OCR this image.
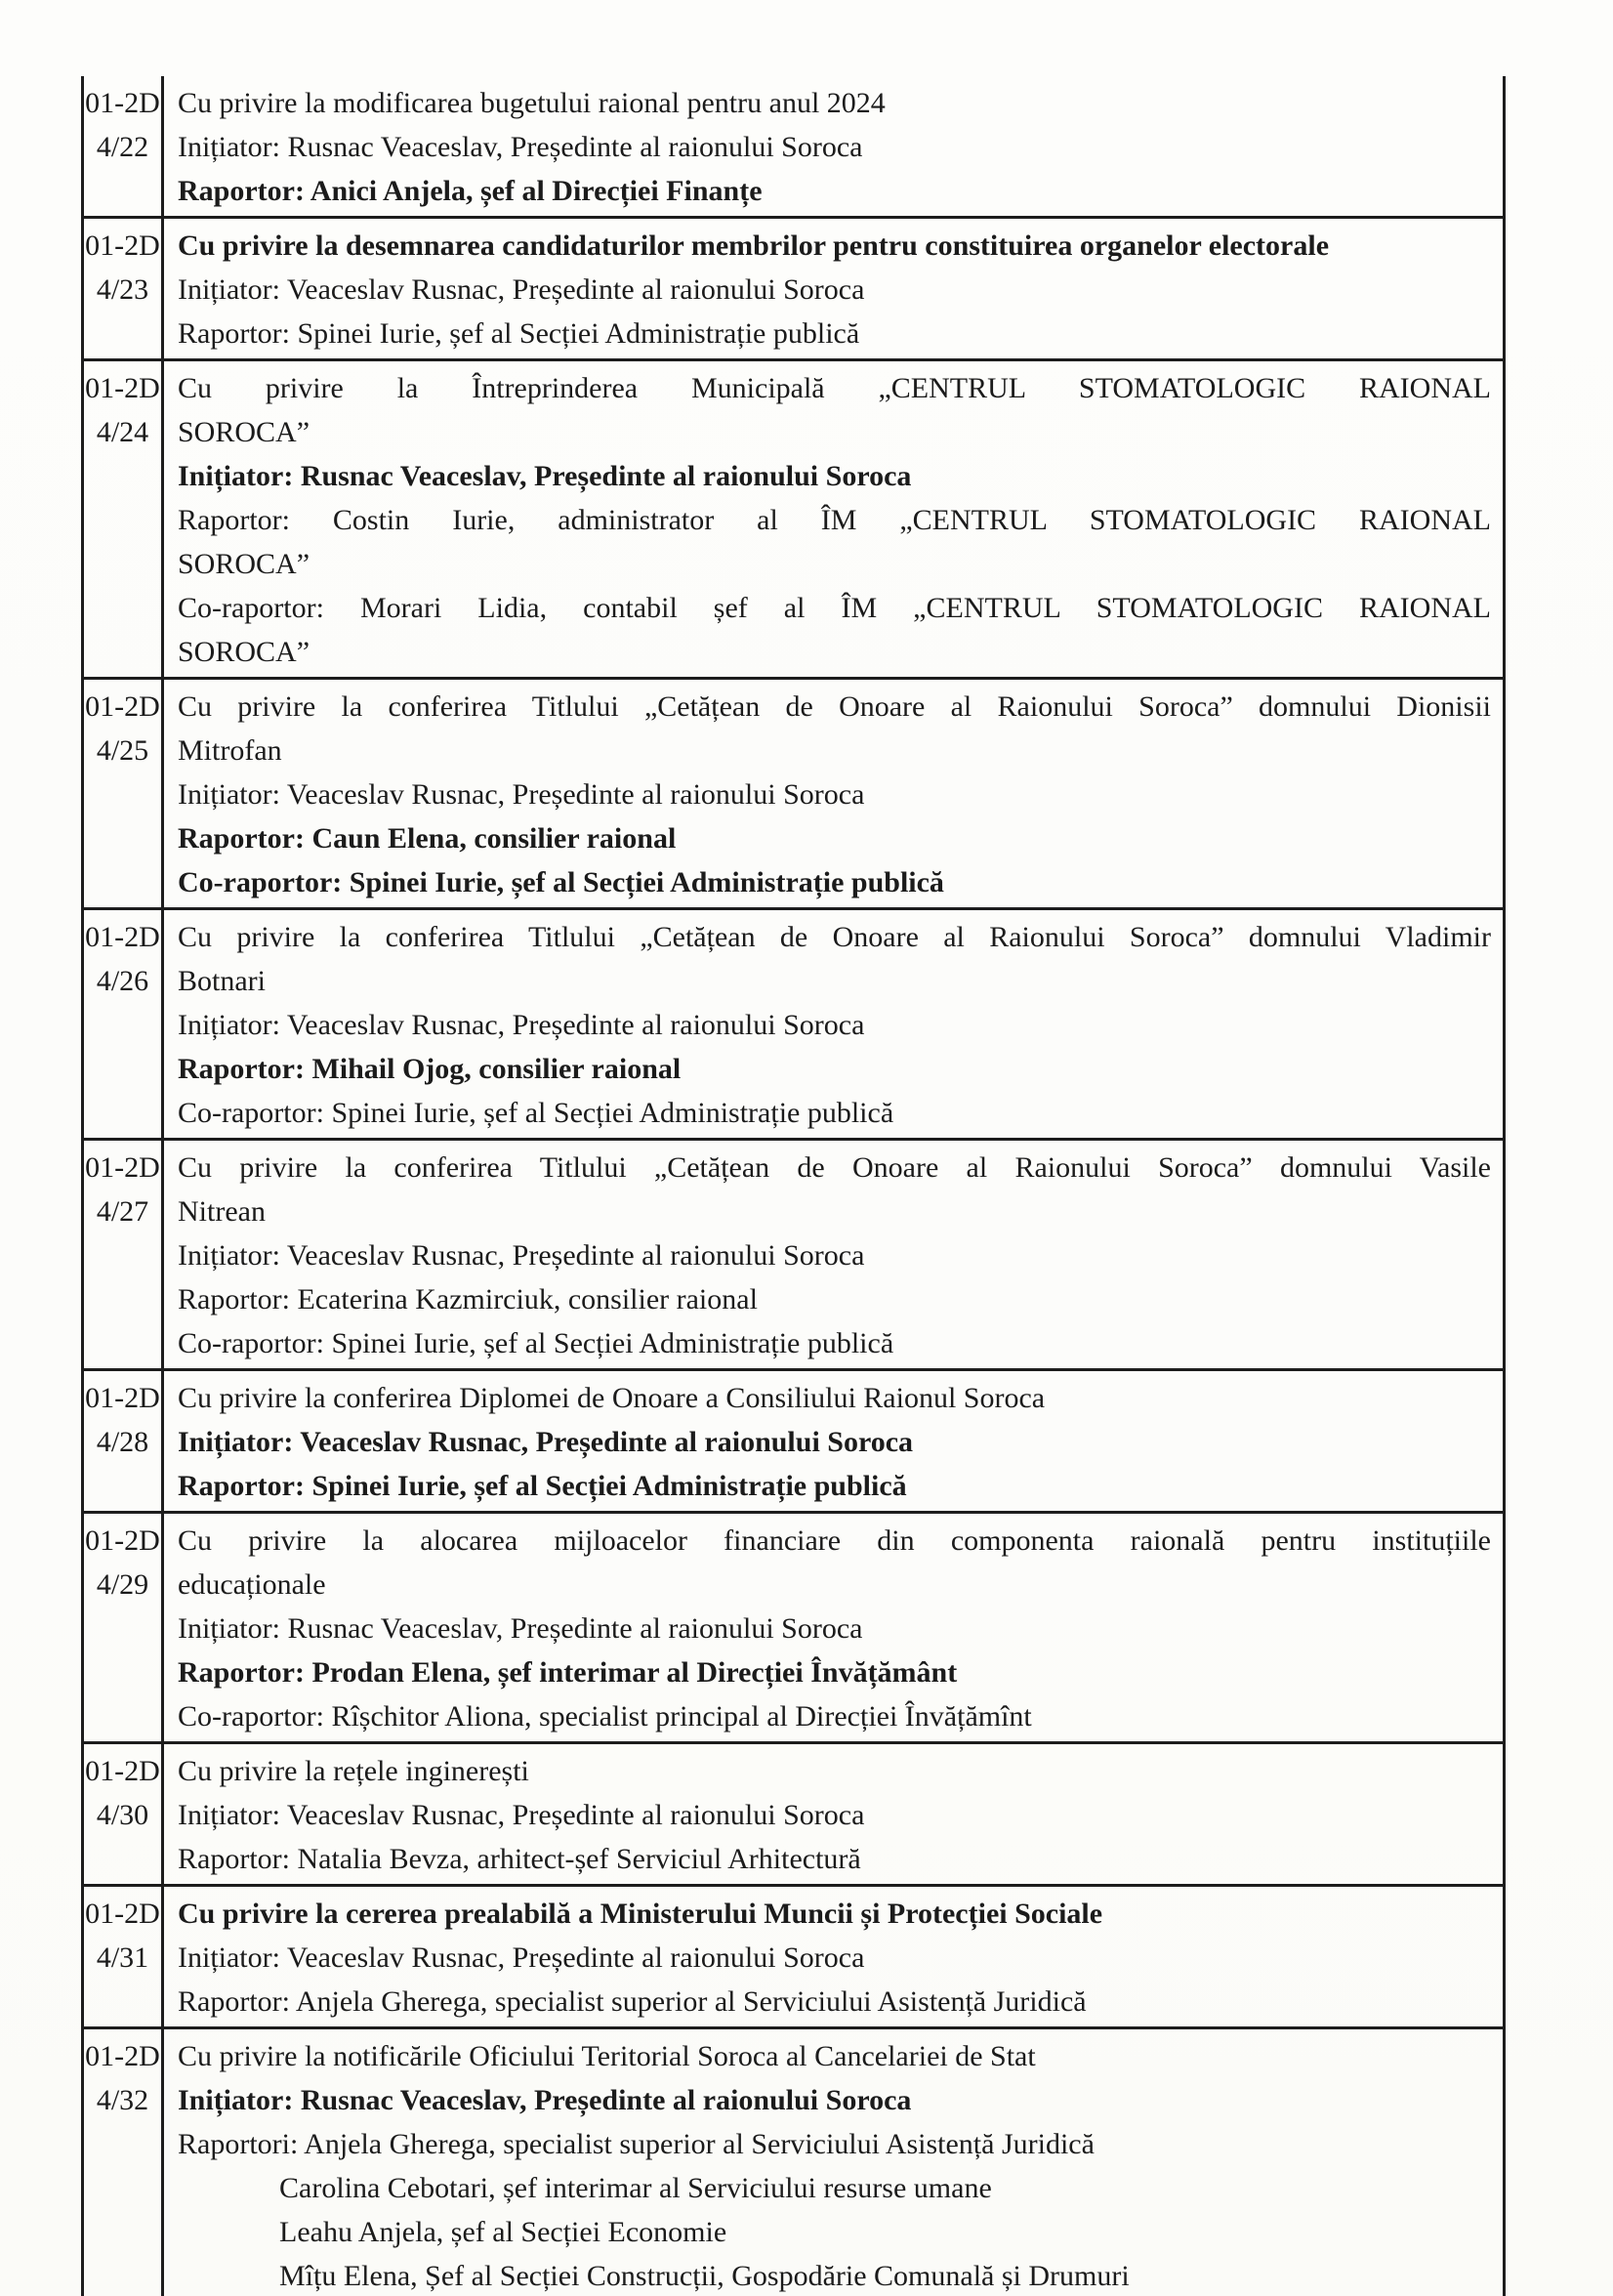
01-2D
4/22
Cu privire la modificarea bugetului raional pentru anul 2024
Inițiator: Rusnac Veaceslav, Președinte al raionului Soroca
Raportor: Anici Anjela, șef al Direcției Finanțe
01-2D
4/23
Cu privire la desemnarea candidaturilor membrilor pentru constituirea organelor electorale
Inițiator: Veaceslav Rusnac, Președinte al raionului Soroca
Raportor: Spinei Iurie, șef al Secției Administrație publică
01-2D
4/24
Cu privire la Întreprinderea Municipală „CENTRUL STOMATOLOGIC RAIONAL
SOROCA”
Inițiator: Rusnac Veaceslav, Președinte al raionului Soroca
Raportor: Costin Iurie, administrator al ÎM „CENTRUL STOMATOLOGIC RAIONAL
SOROCA”
Co-raportor: Morari Lidia, contabil șef al ÎM „CENTRUL STOMATOLOGIC RAIONAL
SOROCA”
01-2D
4/25
Cu privire la conferirea Titlului „Cetățean de Onoare al Raionului Soroca” domnului Dionisii
Mitrofan
Inițiator: Veaceslav Rusnac, Președinte al raionului Soroca
Raportor: Caun Elena, consilier raional
Co-raportor: Spinei Iurie, șef al Secției Administrație publică
01-2D
4/26
Cu privire la conferirea Titlului „Cetățean de Onoare al Raionului Soroca” domnului Vladimir
Botnari
Inițiator: Veaceslav Rusnac, Președinte al raionului Soroca
Raportor: Mihail Ojog, consilier raional
Co-raportor: Spinei Iurie, șef al Secției Administrație publică
01-2D
4/27
Cu privire la conferirea Titlului „Cetățean de Onoare al Raionului Soroca” domnului Vasile
Nitrean
Inițiator: Veaceslav Rusnac, Președinte al raionului Soroca
Raportor: Ecaterina Kazmirciuk, consilier raional
Co-raportor: Spinei Iurie, șef al Secției Administrație publică
01-2D
4/28
Cu privire la conferirea Diplomei de Onoare a Consiliului Raionul Soroca
Inițiator: Veaceslav Rusnac, Președinte al raionului Soroca
Raportor: Spinei Iurie, șef al Secției Administrație publică
01-2D
4/29
Cu privire la alocarea mijloacelor financiare din componenta raională pentru instituțiile
educaționale
Inițiator: Rusnac Veaceslav, Președinte al raionului Soroca
Raportor: Prodan Elena, șef interimar al Direcției Învățământ
Co-raportor: Rîșchitor Aliona, specialist principal al Direcției Învățămînt
01-2D
4/30
Cu privire la rețele inginerești
Inițiator: Veaceslav Rusnac, Președinte al raionului Soroca
Raportor: Natalia Bevza, arhitect-șef Serviciul Arhitectură
01-2D
4/31
Cu privire la cererea prealabilă a Ministerului Muncii și Protecției Sociale
Inițiator: Veaceslav Rusnac, Președinte al raionului Soroca
Raportor: Anjela Gherega, specialist superior al Serviciului Asistență Juridică
01-2D
4/32
Cu privire la notificările Oficiului Teritorial Soroca al Cancelariei de Stat
Inițiator: Rusnac Veaceslav, Președinte al raionului Soroca
Raportori: Anjela Gherega, specialist superior al Serviciului Asistență Juridică
Carolina Cebotari, șef interimar al Serviciului resurse umane
Leahu Anjela, șef al Secției Economie
Mîțu Elena, Șef al Secției Construcții, Gospodărie Comunală și Drumuri
